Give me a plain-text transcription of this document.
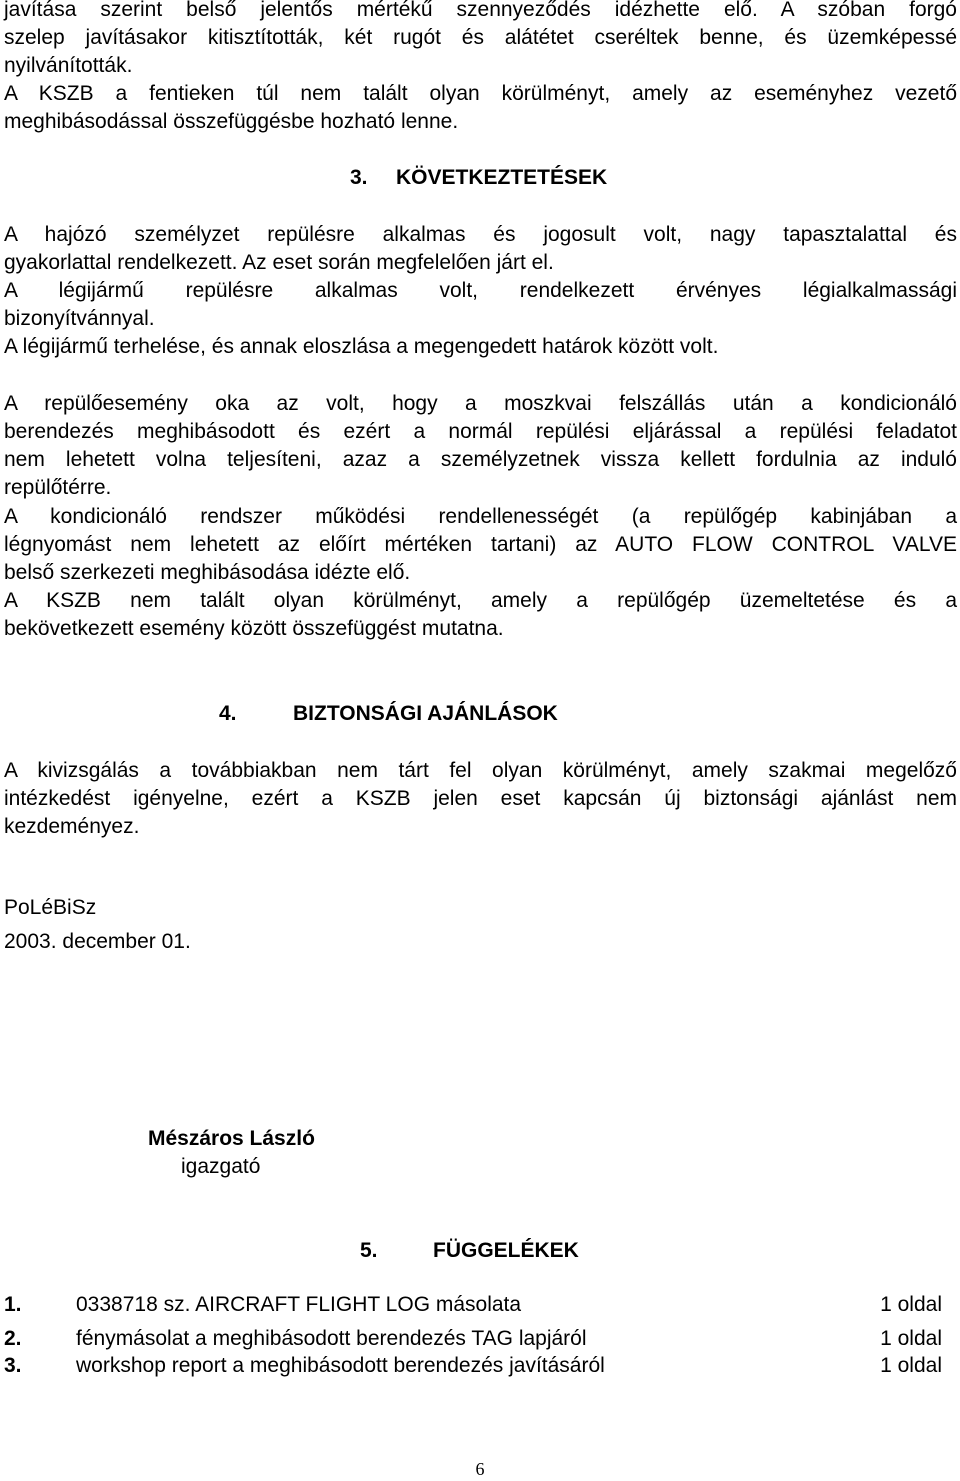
javítása szerint belső jelentős mértékű szennyeződés idézhette elő. A szóban forgó
szelep javításakor kitisztították, két rugót és alátétet cseréltek benne, és üzemképessé
nyilvánították.
A KSZB a fentieken túl nem talált olyan körülményt, amely az eseményhez vezető
meghibásodással összefüggésbe hozható lenne.
3. KÖVETKEZTETÉSEK
A hajózó személyzet repülésre alkalmas és jogosult volt, nagy tapasztalattal és
gyakorlattal rendelkezett. Az eset során megfelelően járt el.
A légijármű repülésre alkalmas volt, rendelkezett érvényes légialkalmassági
bizonyítvánnyal.
A légijármű terhelése, és annak eloszlása a megengedett határok között volt.
A repülőesemény oka az volt, hogy a moszkvai felszállás után a kondicionáló
berendezés meghibásodott és ezért a normál repülési eljárással a repülési feladatot
nem lehetett volna teljesíteni, azaz a személyzetnek vissza kellett fordulnia az induló
repülőtérre.
A kondicionáló rendszer működési rendellenességét (a repülőgép kabinjában a
légnyomást nem lehetett az előírt mértéken tartani) az AUTO FLOW CONTROL VALVE
belső szerkezeti meghibásodása idézte elő.
A KSZB nem talált olyan körülményt, amely a repülőgép üzemeltetése és a
bekövetkezett esemény között összefüggést mutatna.
4.	BIZTONSÁGI AJÁNLÁSOK
A kivizsgálás a továbbiakban nem tárt fel olyan körülményt, amely szakmai megelőző
intézkedést igényelne, ezért a KSZB jelen eset kapcsán új biztonsági ajánlást nem
kezdeményez.
PoLéBiSz
2003. december 01.
Mészáros László
igazgató
5.	FÜGGELÉKEK
1.	0338718 sz. AIRCRAFT FLIGHT LOG másolata	1 oldal
2.	fénymásolat a meghibásodott berendezés TAG lapjáról	1 oldal
3.	workshop report a meghibásodott berendezés javításáról	1 oldal
6
